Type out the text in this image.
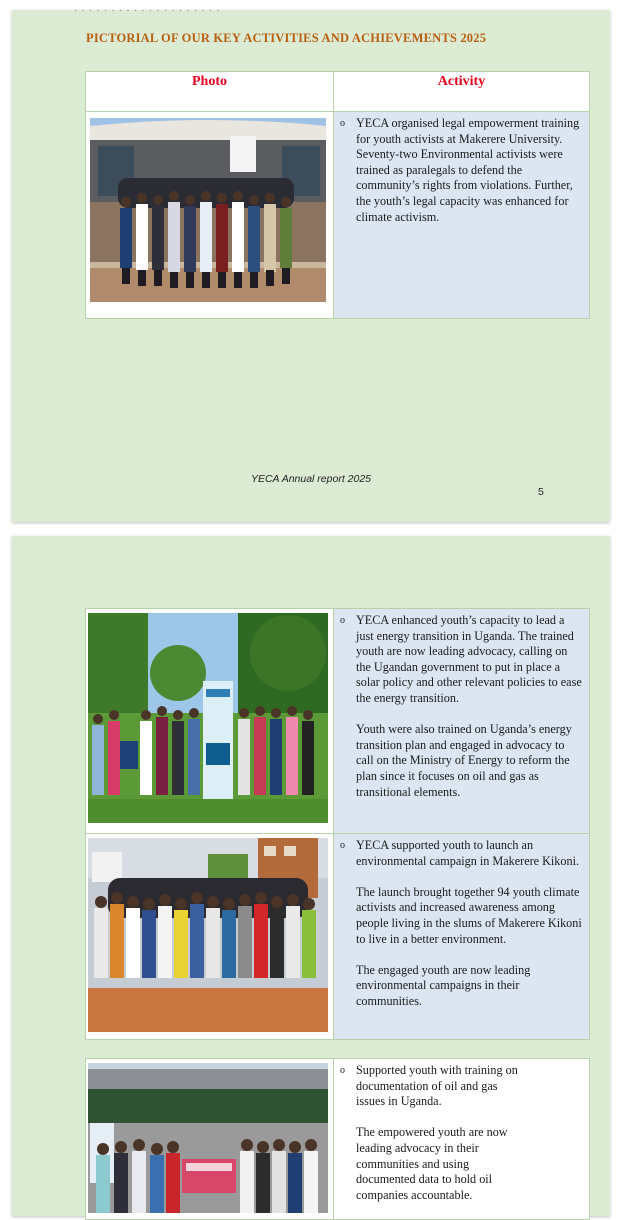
· · · · · · · · · · · · · · · · · · · ·
PICTORIAL OF OUR KEY ACTIVITIES AND ACHIEVEMENTS 2025
Photo	Activity

o YECA organised legal empowerment training for youth activists at Makerere University. Seventy-two Environmental activists were trained as paralegals to defend the community’s rights from violations. Further, the youth’s legal capacity was enhanced for climate activism.

YECA Annual report 2025
5

o YECA enhanced youth’s capacity to lead a just energy transition in Uganda. The trained youth are now leading advocacy, calling on the Ugandan government to put in place a solar policy and other relevant policies to ease the energy transition.

Youth were also trained on Uganda’s energy transition plan and engaged in advocacy to call on the Ministry of Energy to reform the plan since it focuses on oil and gas as transitional elements.

o YECA supported youth to launch an environmental campaign in Makerere Kikoni.

The launch brought together 94 youth climate activists and increased awareness among people living in the slums of Makerere Kikoni to live in a better environment.

The engaged youth are now leading environmental campaigns in their communities.

o Supported youth with training on documentation of oil and gas issues in Uganda.

The empowered youth are now leading advocacy in their communities and using documented data to hold oil companies accountable.
